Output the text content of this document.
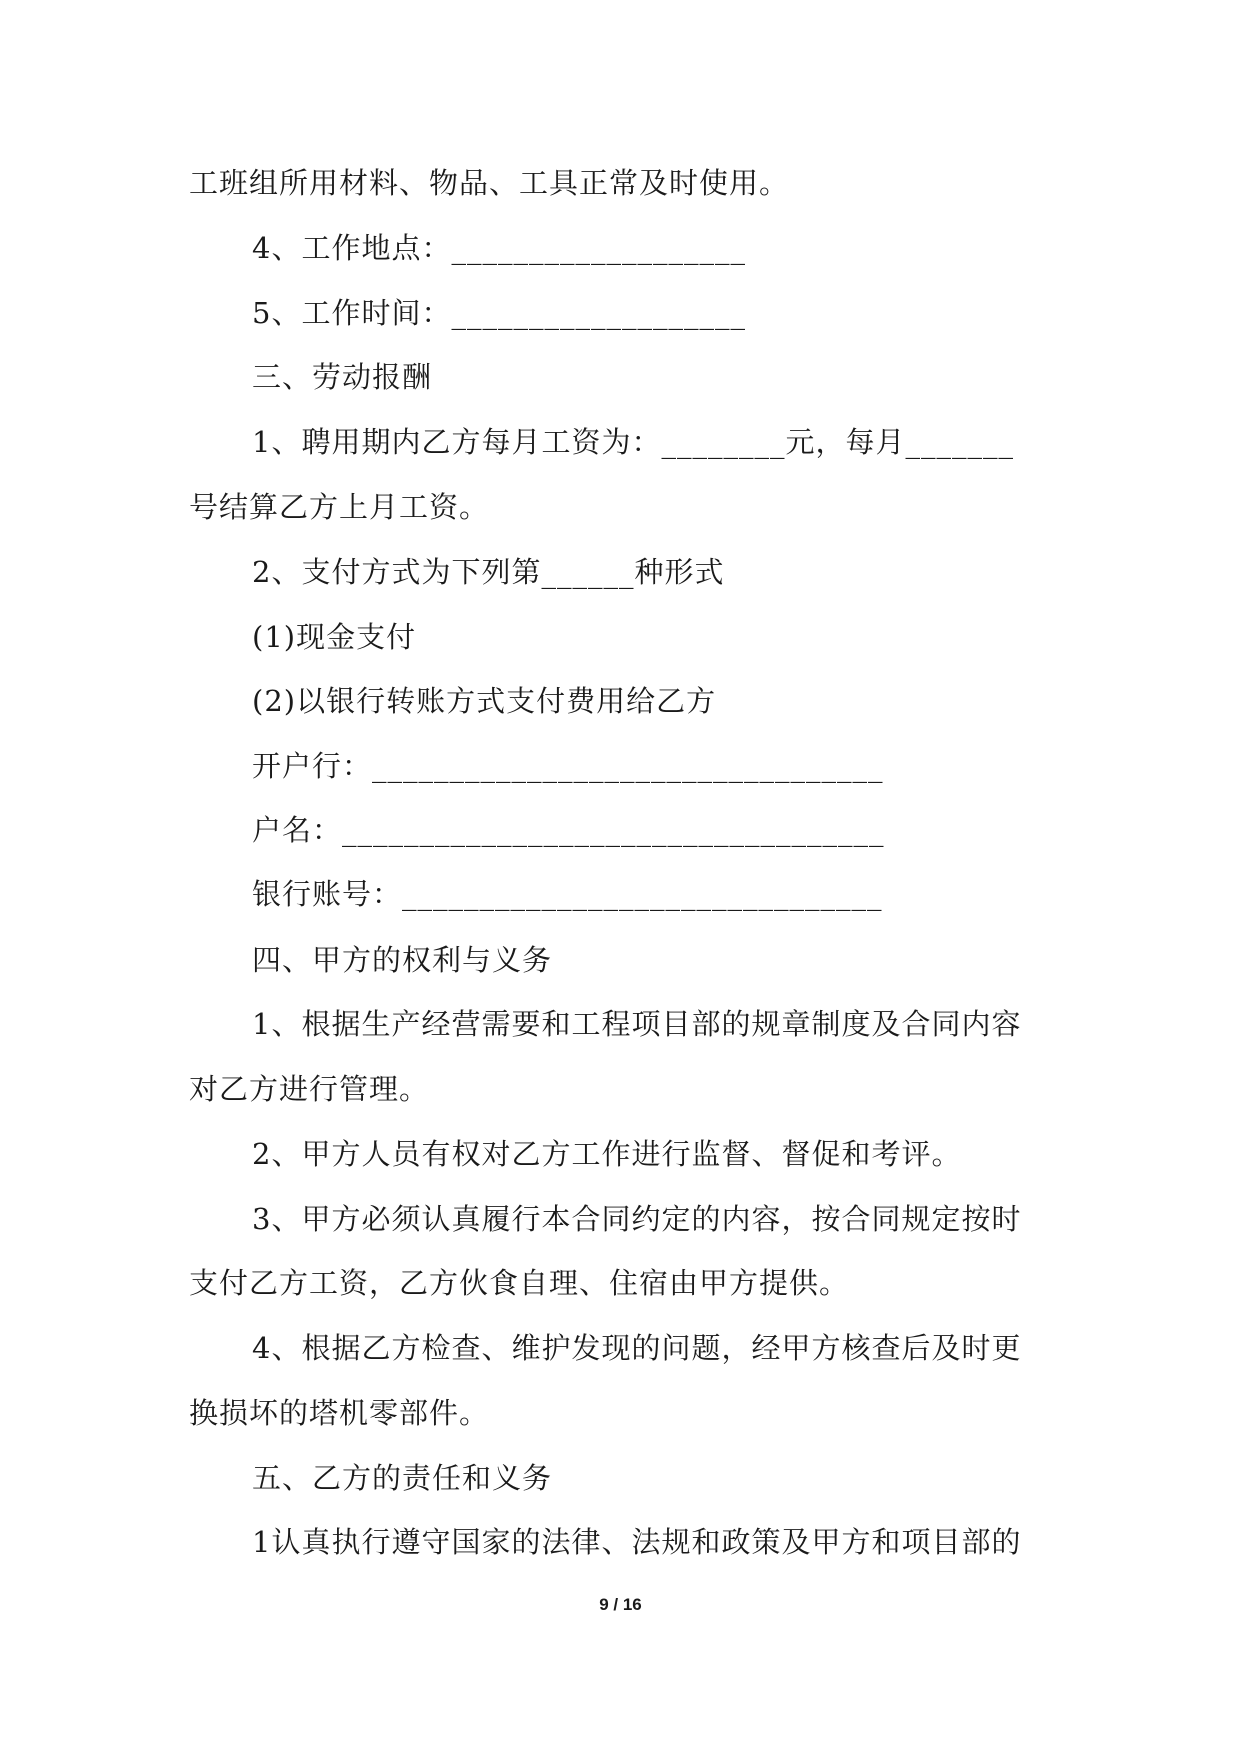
工班组所用材料、物品、工具正常及时使用。
4、工作地点：___________________
5、工作时间：___________________
三、劳动报酬
1、聘用期内乙方每月工资为：________元，每月_______
号结算乙方上月工资。
2、支付方式为下列第______种形式
(1)现金支付
(2)以银行转账方式支付费用给乙方
开户行：_________________________________
户名：___________________________________
银行账号：_______________________________
四、甲方的权利与义务
1、根据生产经营需要和工程项目部的规章制度及合同内容
对乙方进行管理。
2、甲方人员有权对乙方工作进行监督、督促和考评。
3、甲方必须认真履行本合同约定的内容，按合同规定按时
支付乙方工资，乙方伙食自理、住宿由甲方提供。
4、根据乙方检查、维护发现的问题，经甲方核查后及时更
换损坏的塔机零部件。
五、乙方的责任和义务
1认真执行遵守国家的法律、法规和政策及甲方和项目部的
9 / 16
